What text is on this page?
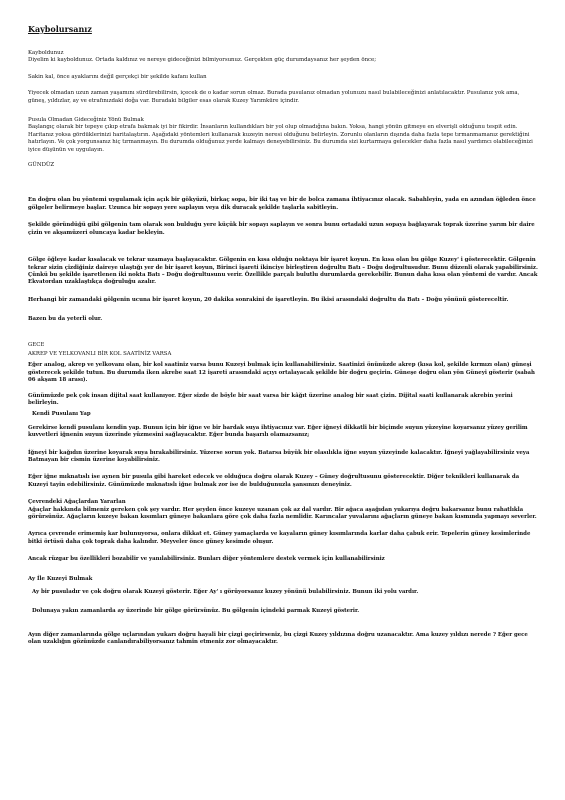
Kaybolursanız

Kayboldunuz

Diyelim ki kayboldunuz. Ortada kaldınız ve nereye gideceğinizi bilmiyorsunuz. Gerçekten güç durumdaysanız her şeyden önce;

Sakin kal, önce ayaklarını değil gerçekçi bir şekilde kafanı kullan

Yiyecek olmadan uzun zaman yaşamını sürdürebilirsin, içecek de o kadar sorun olmaz. Burada pusulanız olmadan yolunuzu nasıl bulabileceğinizi anlatılacaktır. Pusulanız yok ama, güneş, yıldızlar, ay ve etrafınızdaki doğa var. Buradaki bilgiler esas olarak Kuzey Yarımküre içindir.

Pusula Olmadan Gideceğiniz Yönü Bulmak

Başlangıç olarak bir tepeye çıkıp etrafa bakmak iyi bir fikirdir. İnsanların kullandıkları bir yol olup olmadığına bakın. Yoksa, hangi yönün gitmeye en elverişli olduğunu tespit edin. Haritanız yoksa gördüklerinizi haritalaştırın. Aşağıdaki yöntemleri kullanarak kuzeyin neresi olduğunu belirleyin. Zorunlu olanların dışında daha fazla tepe tırmanmamanız gerektiğini hatırlayın. Ve çok yorgunsanız hiç tırmanmayın. Bu durumda olduğunuz yerde kalmayı deneyebilirsiniz. Bu durumda sizi kurtarmaya gelecekler daha fazla nasıl yardımcı olabileceğinizi iyice düşünün ve uygulayın.

GÜNDÜZ

En doğru olan bu yöntemi uygulamak için açık bir gökyüzü, birkaç sopa, bir iki taş ve bir de bolca zamana ihtiyacınız olacak. Sabahleyin, yada en azından öğleden önce gölgeler belirmeye başlar. Uzunca bir sopayı yere saplayın veya dik duracak şekilde taşlarla sabitleyin.

Şekilde göründüğü gibi gölgenin tam olarak son bulduğu yere küçük bir sopayı saplayın ve sonra bunu ortadaki uzun sopaya bağlayarak toprak üzerine yarım bir daire çizin ve akşamüzeri oluncaya kadar bekleyin.

Gölge öğleye kadar kısalacak ve tekrar uzamaya başlayacaktır. Gölgenin en kısa olduğu noktaya bir işaret koyun. En kısa olan bu gölge Kuzey' i gösterecektir. Gölgenin tekrar sizin çizdiğiniz daireye ulaştığı yer de bir işaret koyun, Birinci işareti ikinciye birleştiren doğrultu Batı – Doğu doğrultusudur. Bunu düzenli olarak yapabilirsiniz. Çünkü bu şekilde işaretlenen iki nokta Batı – Doğu doğrultusunu verir. Özellikle parçalı bulutlu durumlarda gerekebilir. Bunun daha kısa olan yöntemi de vardır. Ancak Ekvatordan uzaklaştıkça doğruluğu azalır.

Herhangi bir zamandaki gölgenin ucuna bir işaret koyun, 20 dakika sonrakini de işaretleyin. Bu ikisi arasındaki doğrultu da Batı – Doğu yönünü göstereceltir.

Bazen bu da yeterli olur.

GECE

AKREP VE YELKOVANLI BİR KOL SAATİNİZ VARSA

Eğer analog, akrep ve yelkovanı olan, bir kol saatiniz varsa bunu Kuzeyi bulmak için kullanabilirsiniz. Saatinizi önünüzde akrep (kısa kol, şekilde kırmızı olan) güneşi gösterecek şekilde tutun. Bu durumda iken akrebe saat 12 işareti arasındaki açıyı ortalayacak şekilde bir doğru geçirin. Güneşe doğru olan yön Güneyi gösterir (sabah 06 akşam 18 arası).

Günümüzde pek çok insan dijital saat kullanıyor. Eğer sizde de böyle bir saat varsa bir kâğıt üzerine analog bir saat çizin. Dijital saati kullanarak akrebin yerini belirleyin.

Kendi Pusulanı Yap

Gerekirse kendi pusulanı kendin yap. Bunun için bir iğne ve bir bardak suya ihtiyacınız var. Eğer iğneyi dikkatli bir biçimde suyun yüzeyine koyarsanız yüzey gerilim kuvvetleri iğnenin suyun üzerinde yüzmesini sağlayacaktır. Eğer bunda başarılı olamazsanız;

İğneyi bir kağıdın üzerine koyarak suya bırakabilirsiniz. Yüzerse sorun yok. Batarsa büyük bir olasılıkla iğne suyun yüzeyinde kalacaktır. İğneyi yağlayabilirsiniz veya Batmayan bir cismin üzerine koyabilirsiniz.

Eğer iğne mıknatıslı ise aynen bir pusula gibi hareket edecek ve olduğuca doğru olarak Kuzey – Güney doğrultusunu gösterecektir. Diğer teknikleri kullanarak da Kuzeyi tayin edebilirsiniz. Günümüzde mıknatıslı iğne bulmak zor ise de bulduğunuzla şansınızı deneyiniz.

Çevrendeki Ağaçlardan Yararlan

Ağaçlar hakkında bilmeniz gereken çok şey vardır. Her şeyden önce kuzeye uzanan çok az dal vardır. Bir ağaca aşağıdan yukarıya doğru bakarsanız bunu rahatlıkla görürsünüz. Ağaçların kuzeye bakan kısımları güneye bakanlara göre çok daha fazla nemlidir. Karıncalar yuvalarını ağaçların güneye bakan kısmında yapmayı severler.

Ayrıca çevrende erimemiş kar bulunuyorsa, onlara dikkat et. Güney yamaçlarda ve kayaların güney kısımlarında karlar daha çabuk erir. Tepelerin güney kesimlerinde bitki örtüsü daha çok toprak daha kalındır. Meyveler önce güney kesimde oluşur.

Ancak rüzgar bu özellikleri bozabilir ve yanılabilirsiniz. Bunları diğer yöntemlere destek vermek için kullanabilirsiniz

Ay İle Kuzeyi Bulmak

Ay bir pusuladır ve çok doğru olarak Kuzeyi gösterir. Eğer Ay' ı görüyorsanız kuzey yönünü bulabilirsiniz. Bunun iki yolu vardır.

Dolunaya yakın zamanlarda ay üzerinde bir gölge görürsünüz. Bu gölgenin içindeki parmak Kuzeyi gösterir.

Ayın diğer zamanlarında gölge uçlarından yukarı doğru hayali bir çizgi geçirirseniz, bu çizgi Kuzey yıldızına doğru uzanacaktır. Ama kuzey yıldızı nerede ? Eğer gece olan uzaklığın gözünüzde canlandırabiliyorsanız tahmin etmeniz zor olmayacaktır.
